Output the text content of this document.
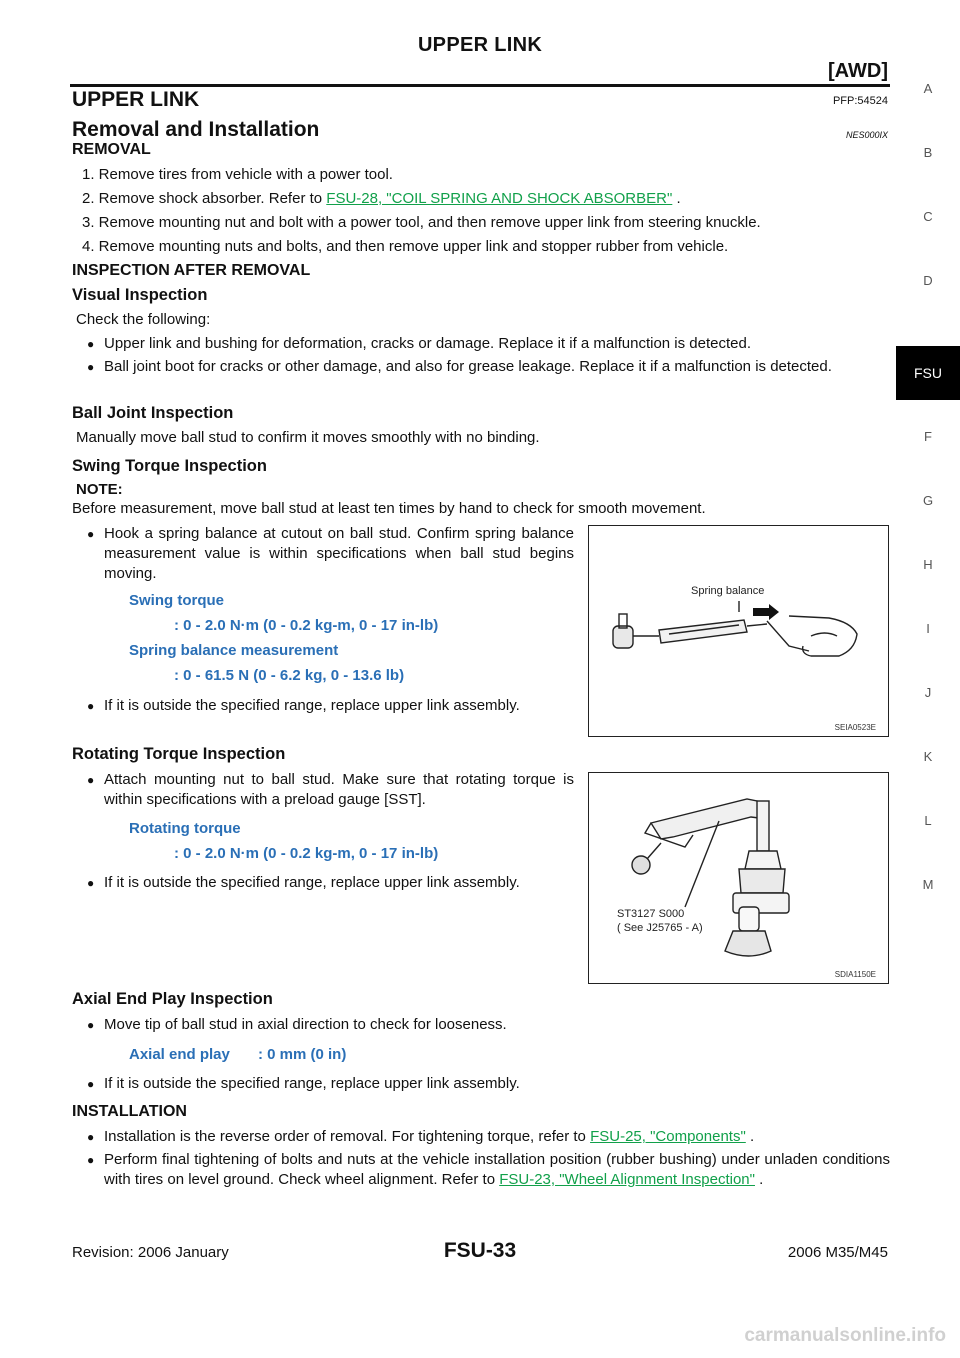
UPPER LINK
[AWD]
UPPER LINK	PFP:54524
Removal and Installation	NES000IX
REMOVAL
1. Remove tires from vehicle with a power tool.
2. Remove shock absorber. Refer to FSU-28, "COIL SPRING AND SHOCK ABSORBER" .
3. Remove mounting nut and bolt with a power tool, and then remove upper link from steering knuckle.
4. Remove mounting nuts and bolts, and then remove upper link and stopper rubber from vehicle.
INSPECTION AFTER REMOVAL
Visual Inspection
Check the following:
● Upper link and bushing for deformation, cracks or damage. Replace it if a malfunction is detected.
● Ball joint boot for cracks or other damage, and also for grease leakage. Replace it if a malfunction is detected.
Ball Joint Inspection
Manually move ball stud to confirm it moves smoothly with no binding.
Swing Torque Inspection
NOTE:
Before measurement, move ball stud at least ten times by hand to check for smooth movement.
● Hook a spring balance at cutout on ball stud. Confirm spring balance measurement value is within specifications when ball stud begins moving.
Swing torque
: 0 - 2.0 N·m (0 - 0.2 kg-m, 0 - 17 in-lb)
Spring balance measurement
: 0 - 61.5 N (0 - 6.2 kg, 0 - 13.6 lb)
● If it is outside the specified range, replace upper link assembly.
Spring balance
SEIA0523E
Rotating Torque Inspection
● Attach mounting nut to ball stud. Make sure that rotating torque is within specifications with a preload gauge [SST].
Rotating torque
: 0 - 2.0 N·m (0 - 0.2 kg-m, 0 - 17 in-lb)
● If it is outside the specified range, replace upper link assembly.
ST3127 S000
( See J25765 - A)
SDIA1150E
Axial End Play Inspection
● Move tip of ball stud in axial direction to check for looseness.
Axial end play : 0 mm (0 in)
● If it is outside the specified range, replace upper link assembly.
INSTALLATION
● Installation is the reverse order of removal. For tightening torque, refer to FSU-25, "Components" .
● Perform final tightening of bolts and nuts at the vehicle installation position (rubber bushing) under unladen conditions with tires on level ground. Check wheel alignment. Refer to FSU-23, "Wheel Alignment Inspection" .
A
B
C
D
FSU
F
G
H
I
J
K
L
M
Revision: 2006 January	FSU-33	2006 M35/M45
carmanualsonline.info
